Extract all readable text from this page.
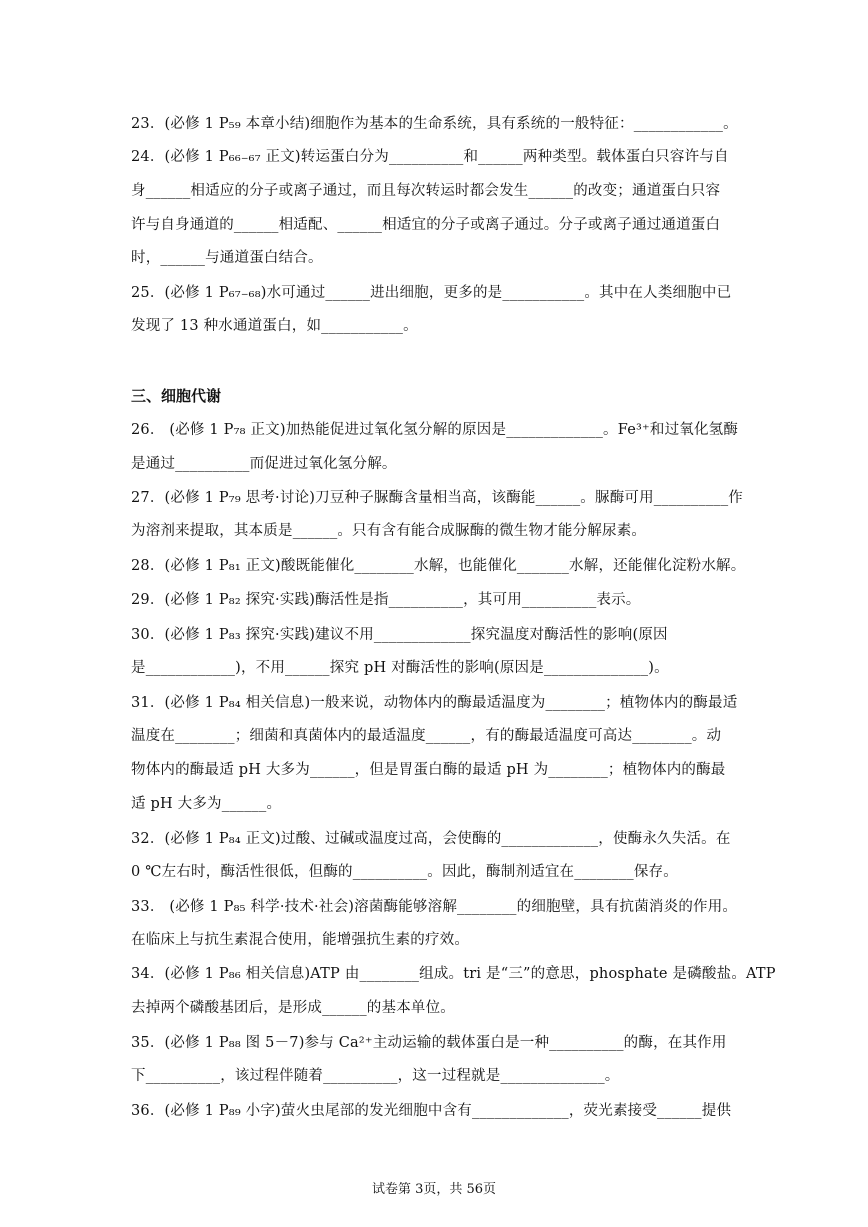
23．(必修 1 P₅₉ 本章小结)细胞作为基本的生命系统，具有系统的一般特征：____________。
24．(必修 1 P₆₆₋₆₇ 正文)转运蛋白分为__________和______两种类型。载体蛋白只容许与自
身______相适应的分子或离子通过，而且每次转运时都会发生______的改变；通道蛋白只容
许与自身通道的______相适配、______相适宜的分子或离子通过。分子或离子通过通道蛋白
时，______与通道蛋白结合。
25．(必修 1 P₆₇₋₆₈)水可通过______进出细胞，更多的是___________。其中在人类细胞中已
发现了 13 种水通道蛋白，如___________。
三、细胞代谢
26． (必修 1 P₇₈ 正文)加热能促进过氧化氢分解的原因是_____________。Fe³⁺和过氧化氢酶
是通过__________而促进过氧化氢分解。
27．(必修 1 P₇₉ 思考·讨论)刀豆种子脲酶含量相当高，该酶能______。脲酶可用__________作
为溶剂来提取，其本质是______。只有含有能合成脲酶的微生物才能分解尿素。
28．(必修 1 P₈₁ 正文)酸既能催化________水解，也能催化_______水解，还能催化淀粉水解。
29．(必修 1 P₈₂ 探究·实践)酶活性是指__________，其可用__________表示。
30．(必修 1 P₈₃ 探究·实践)建议不用_____________探究温度对酶活性的影响(原因
是____________)，不用______探究 pH 对酶活性的影响(原因是______________)。
31．(必修 1 P₈₄ 相关信息)一般来说，动物体内的酶最适温度为________；植物体内的酶最适
温度在________；细菌和真菌体内的最适温度______，有的酶最适温度可高达________。动
物体内的酶最适 pH 大多为______，但是胃蛋白酶的最适 pH 为________；植物体内的酶最
适 pH 大多为______。
32．(必修 1 P₈₄ 正文)过酸、过碱或温度过高，会使酶的_____________，使酶永久失活。在
0 ℃左右时，酶活性很低，但酶的__________。因此，酶制剂适宜在________保存。
33． (必修 1 P₈₅ 科学·技术·社会)溶菌酶能够溶解________的细胞壁，具有抗菌消炎的作用。
在临床上与抗生素混合使用，能增强抗生素的疗效。
34．(必修 1 P₈₆ 相关信息)ATP 由________组成。tri 是“三”的意思，phosphate 是磷酸盐。ATP
去掉两个磷酸基团后，是形成______的基本单位。
35．(必修 1 P₈₈ 图 5－7)参与 Ca²⁺主动运输的载体蛋白是一种__________的酶，在其作用
下__________，该过程伴随着__________，这一过程就是______________。
36．(必修 1 P₈₉ 小字)萤火虫尾部的发光细胞中含有_____________，荧光素接受______提供
试卷第 3页，共 56页
